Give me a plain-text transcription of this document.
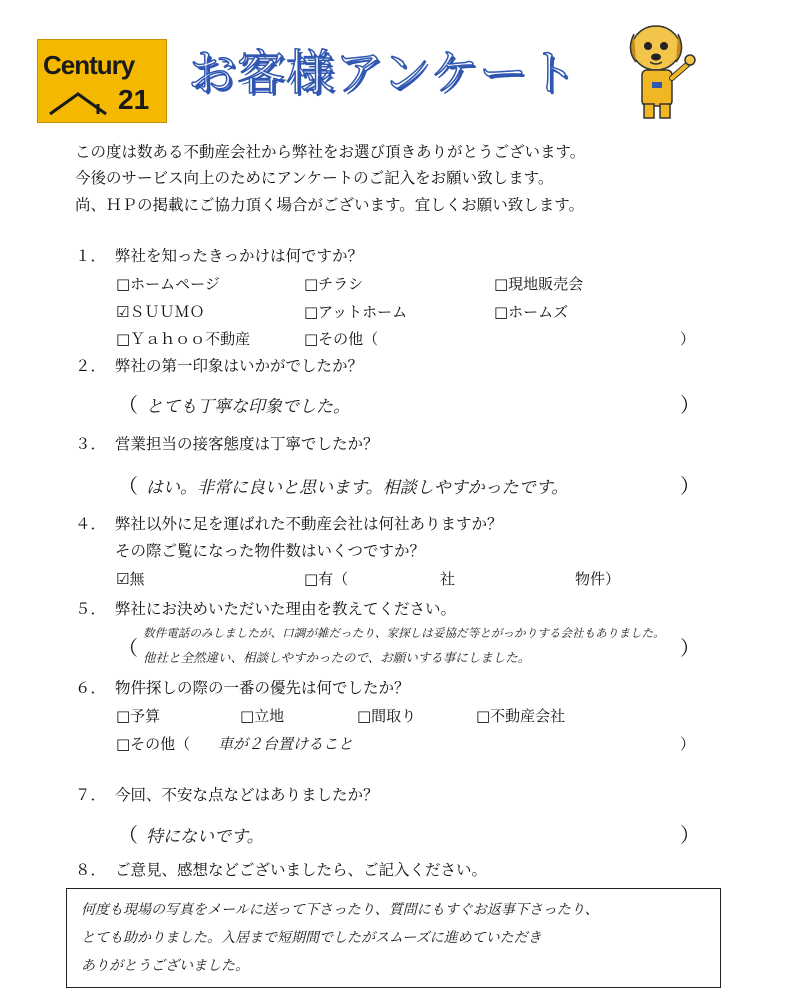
Century
21 お客様アンケート
この度は数ある不動産会社から弊社をお選び頂きありがとうございます。
今後のサービス向上のためにアンケートのご記入をお願い致します。
尚、ＨＰの掲載にご協力頂く場合がございます。宜しくお願い致します。
１． 弊社を知ったきっかけは何ですか？
□ホームページ	□チラシ	□現地販売会
☑ＳＵＵＭＯ	□アットホーム	□ホームズ
□Ｙａｈｏｏ不動産	□その他（	）
２． 弊社の第一印象はいかがでしたか？
（ とても丁寧な印象でした。	）
３． 営業担当の接客態度は丁寧でしたか？
（ はい。非常に良いと思います。相談しやすかったです。	）
４． 弊社以外に足を運ばれた不動産会社は何社ありますか？
その際ご覧になった物件数はいくつですか？
☑無	□有（	社	物件）
５． 弊社にお決めいただいた理由を教えてください。
（
数件電話のみしましたが、口調が雑だったり、家探しは妥協だ等とがっかりする会社もありました。
他社と全然違い、相談しやすかったので、お願いする事にしました。	）
６． 物件探しの際の一番の優先は何でしたか？
□予算	□立地	□間取り	□不動産会社
□その他（ 車が２台置けること	）
７． 今回、不安な点などはありましたか？
（ 特にないです。	）
８． ご意見、感想などございましたら、ご記入ください。
何度も現場の写真をメールに送って下さったり、質問にもすぐお返事下さったり、
とても助かりました。入居まで短期間でしたがスムーズに進めていただき
ありがとうございました。
